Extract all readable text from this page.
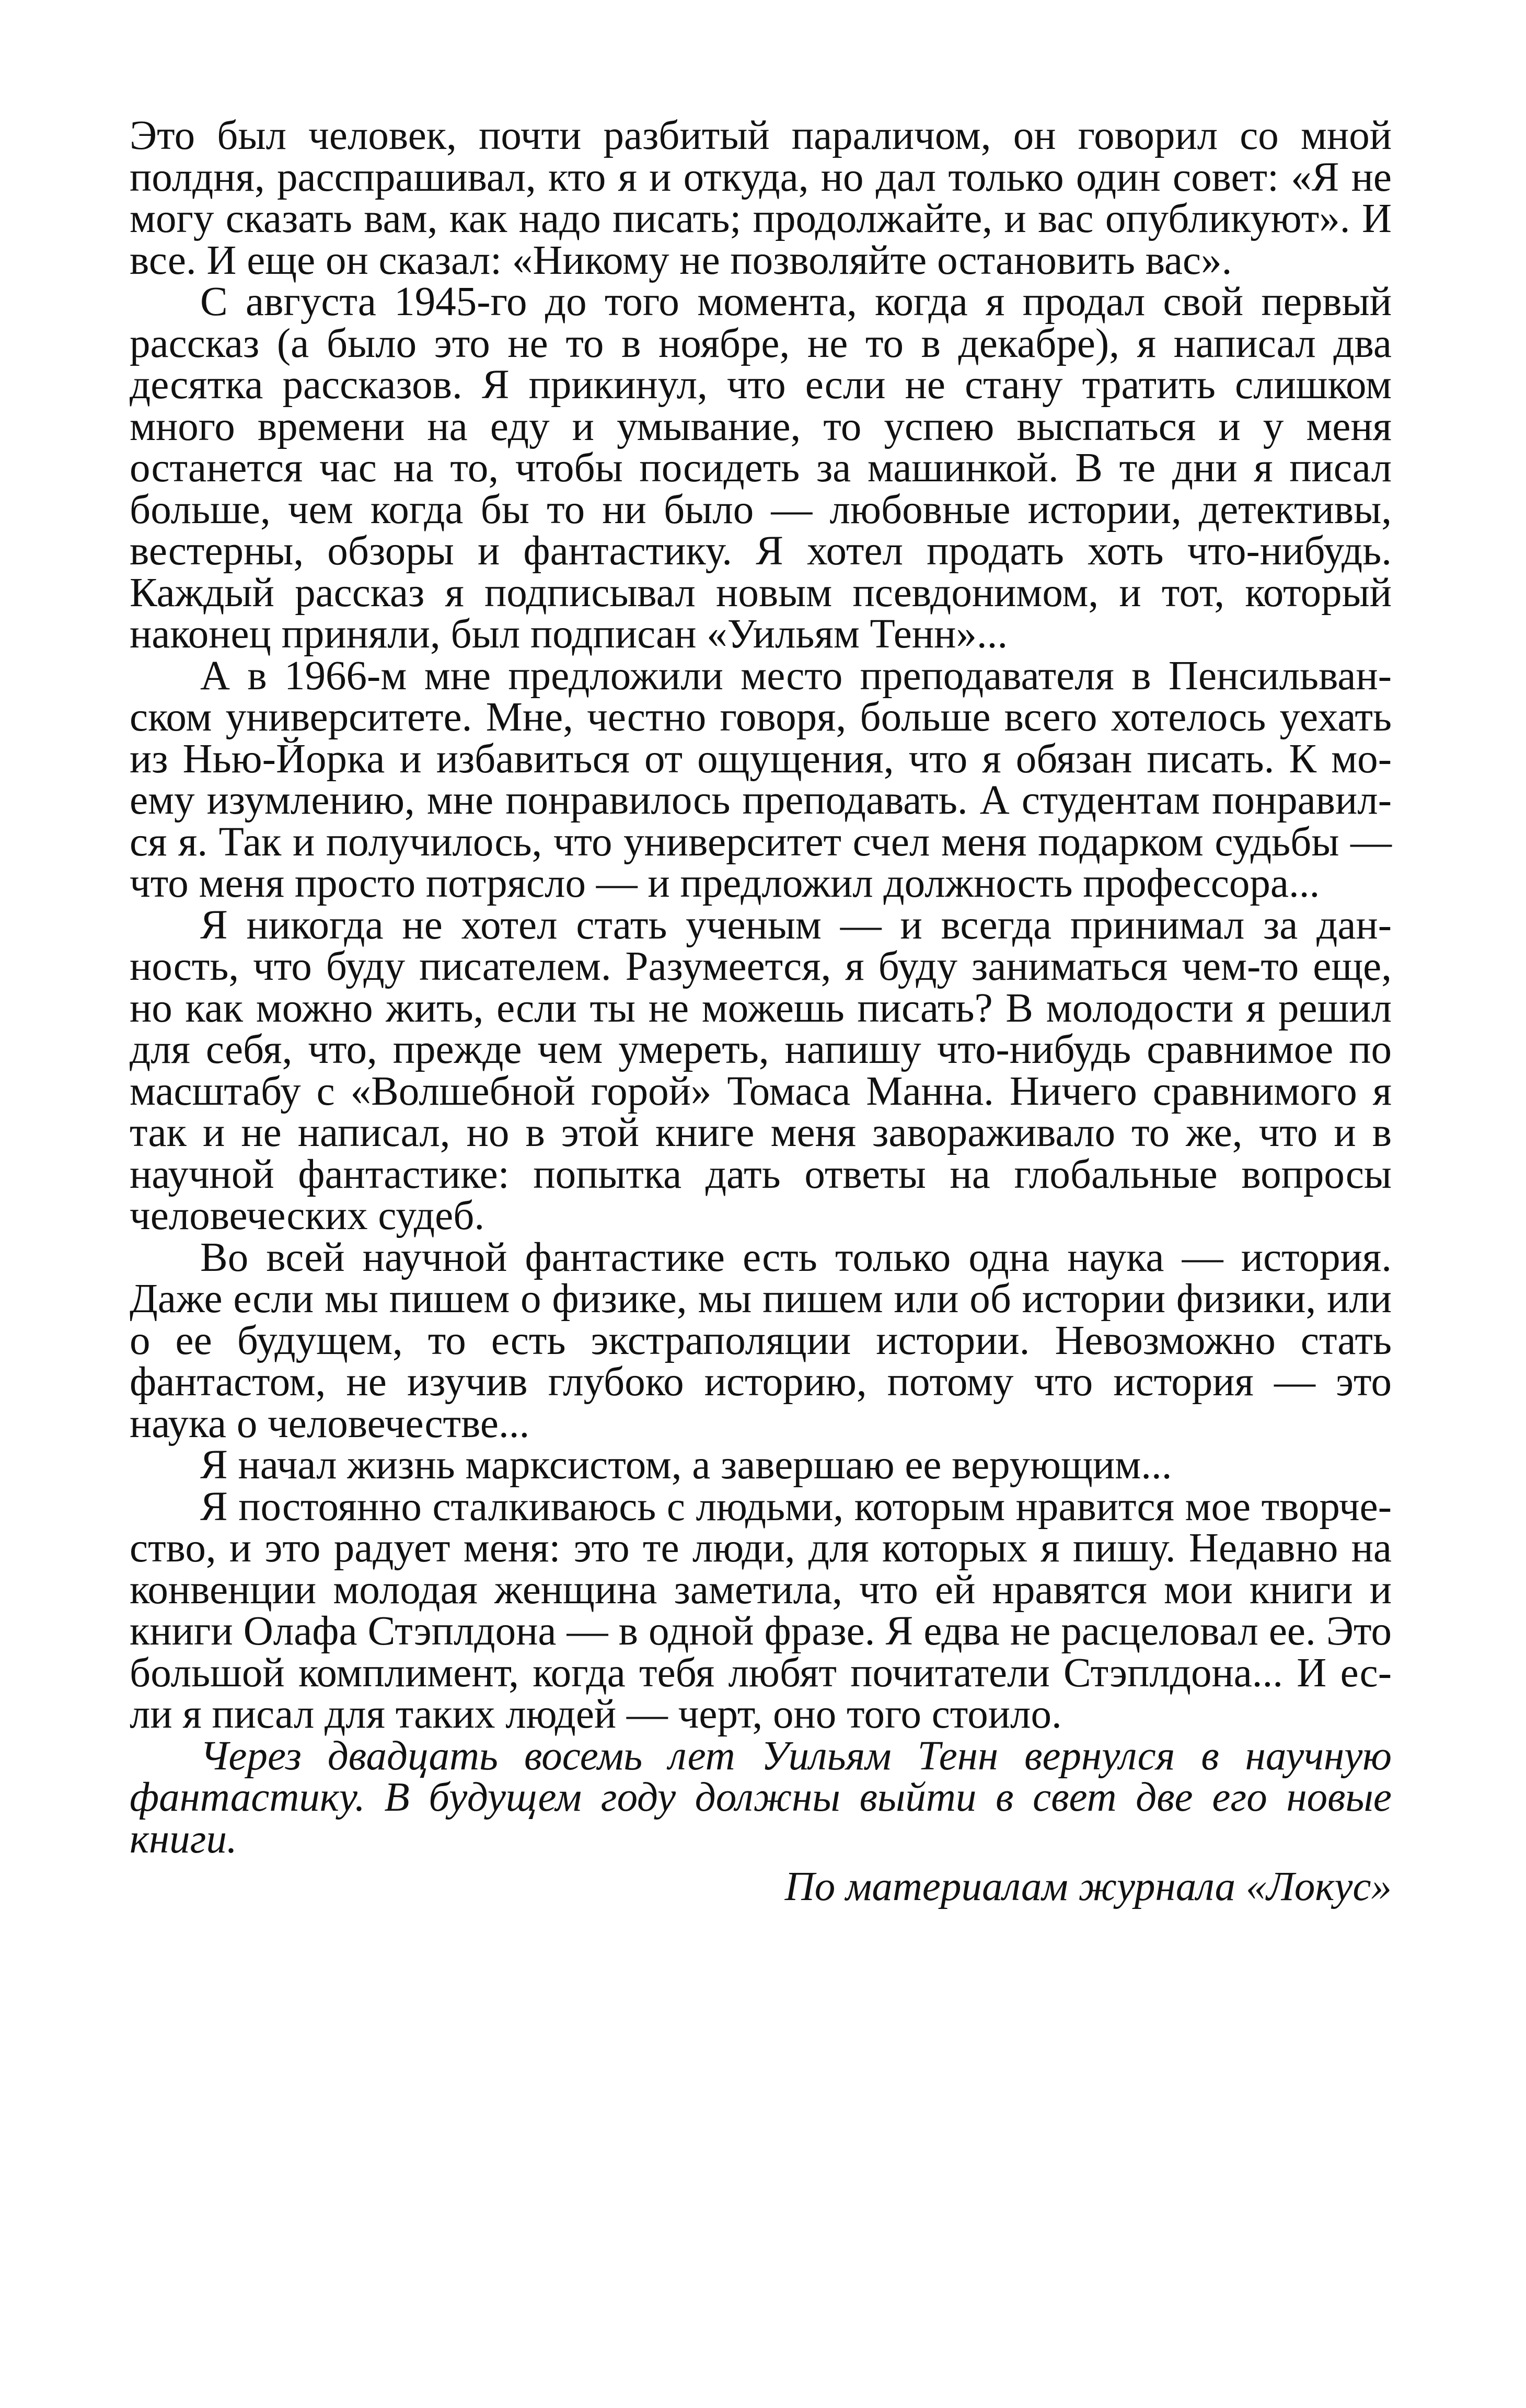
Это был человек, почти разбитый параличом, он говорил со мной полдня, расспрашивал, кто я и откуда, но дал только один совет: «Я не могу сказать вам, как надо писать; продолжайте, и вас опубликуют». И все. И еще он сказал: «Никому не позволяйте остановить вас».

С августа 1945-го до того момента, когда я продал свой первый рассказ (а было это не то в ноябре, не то в декабре), я написал два десятка рассказов. Я прикинул, что если не стану тратить слишком много времени на еду и умывание, то успею выспаться и у меня останется час на то, чтобы посидеть за машинкой. В те дни я писал больше, чем когда бы то ни было — любовные истории, детективы, вестерны, обзоры и фантастику. Я хотел продать хоть что-нибудь. Каждый рассказ я подписывал новым псевдонимом, и тот, который наконец приняли, был подписан «Уильям Тенн»...

А в 1966-м мне предложили место преподавателя в Пенсильванском университете. Мне, честно говоря, больше всего хотелось уехать из Нью-Йорка и избавиться от ощущения, что я обязан писать. К моему изумлению, мне понравилось преподавать. А студентам понравился я. Так и получилось, что университет счел меня подарком судьбы — что меня просто потрясло — и предложил должность профессора...

Я никогда не хотел стать ученым — и всегда принимал за данность, что буду писателем. Разумеется, я буду заниматься чем-то еще, но как можно жить, если ты не можешь писать? В молодости я решил для себя, что, прежде чем умереть, напишу что-нибудь сравнимое по масштабу с «Волшебной горой» Томаса Манна. Ничего сравнимого я так и не написал, но в этой книге меня завораживало то же, что и в научной фантастике: попытка дать ответы на глобальные вопросы человеческих судеб.

Во всей научной фантастике есть только одна наука — история. Даже если мы пишем о физике, мы пишем или об истории физики, или о ее будущем, то есть экстраполяции истории. Невозможно стать фантастом, не изучив глубоко историю, потому что история — это наука о человечестве...

Я начал жизнь марксистом, а завершаю ее верующим...

Я постоянно сталкиваюсь с людьми, которым нравится мое творчество, и это радует меня: это те люди, для которых я пишу. Недавно на конвенции молодая женщина заметила, что ей нравятся мои книги и книги Олафа Стэплдона — в одной фразе. Я едва не расцеловал ее. Это большой комплимент, когда тебя любят почитатели Стэплдона... И если я писал для таких людей — черт, оно того стоило.

Через двадцать восемь лет Уильям Тенн вернулся в научную фантастику. В будущем году должны выйти в свет две его новые книги.

По материалам журнала «Локус»
